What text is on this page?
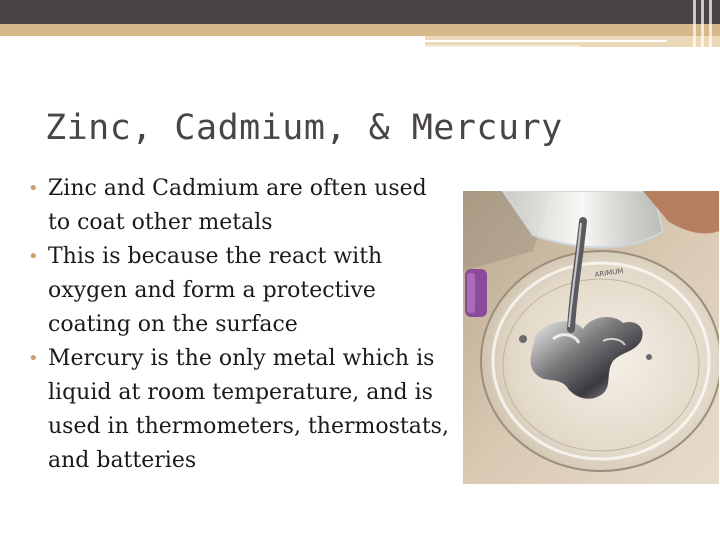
Zinc, Cadmium, & Mercury
• Zinc and Cadmium are often used to coat other metals
• This is because the react with oxygen and form a protective coating on the surface
• Mercury is the only metal which is liquid at room temperature, and is used in thermometers, thermostats, and batteries
ARIMUM
